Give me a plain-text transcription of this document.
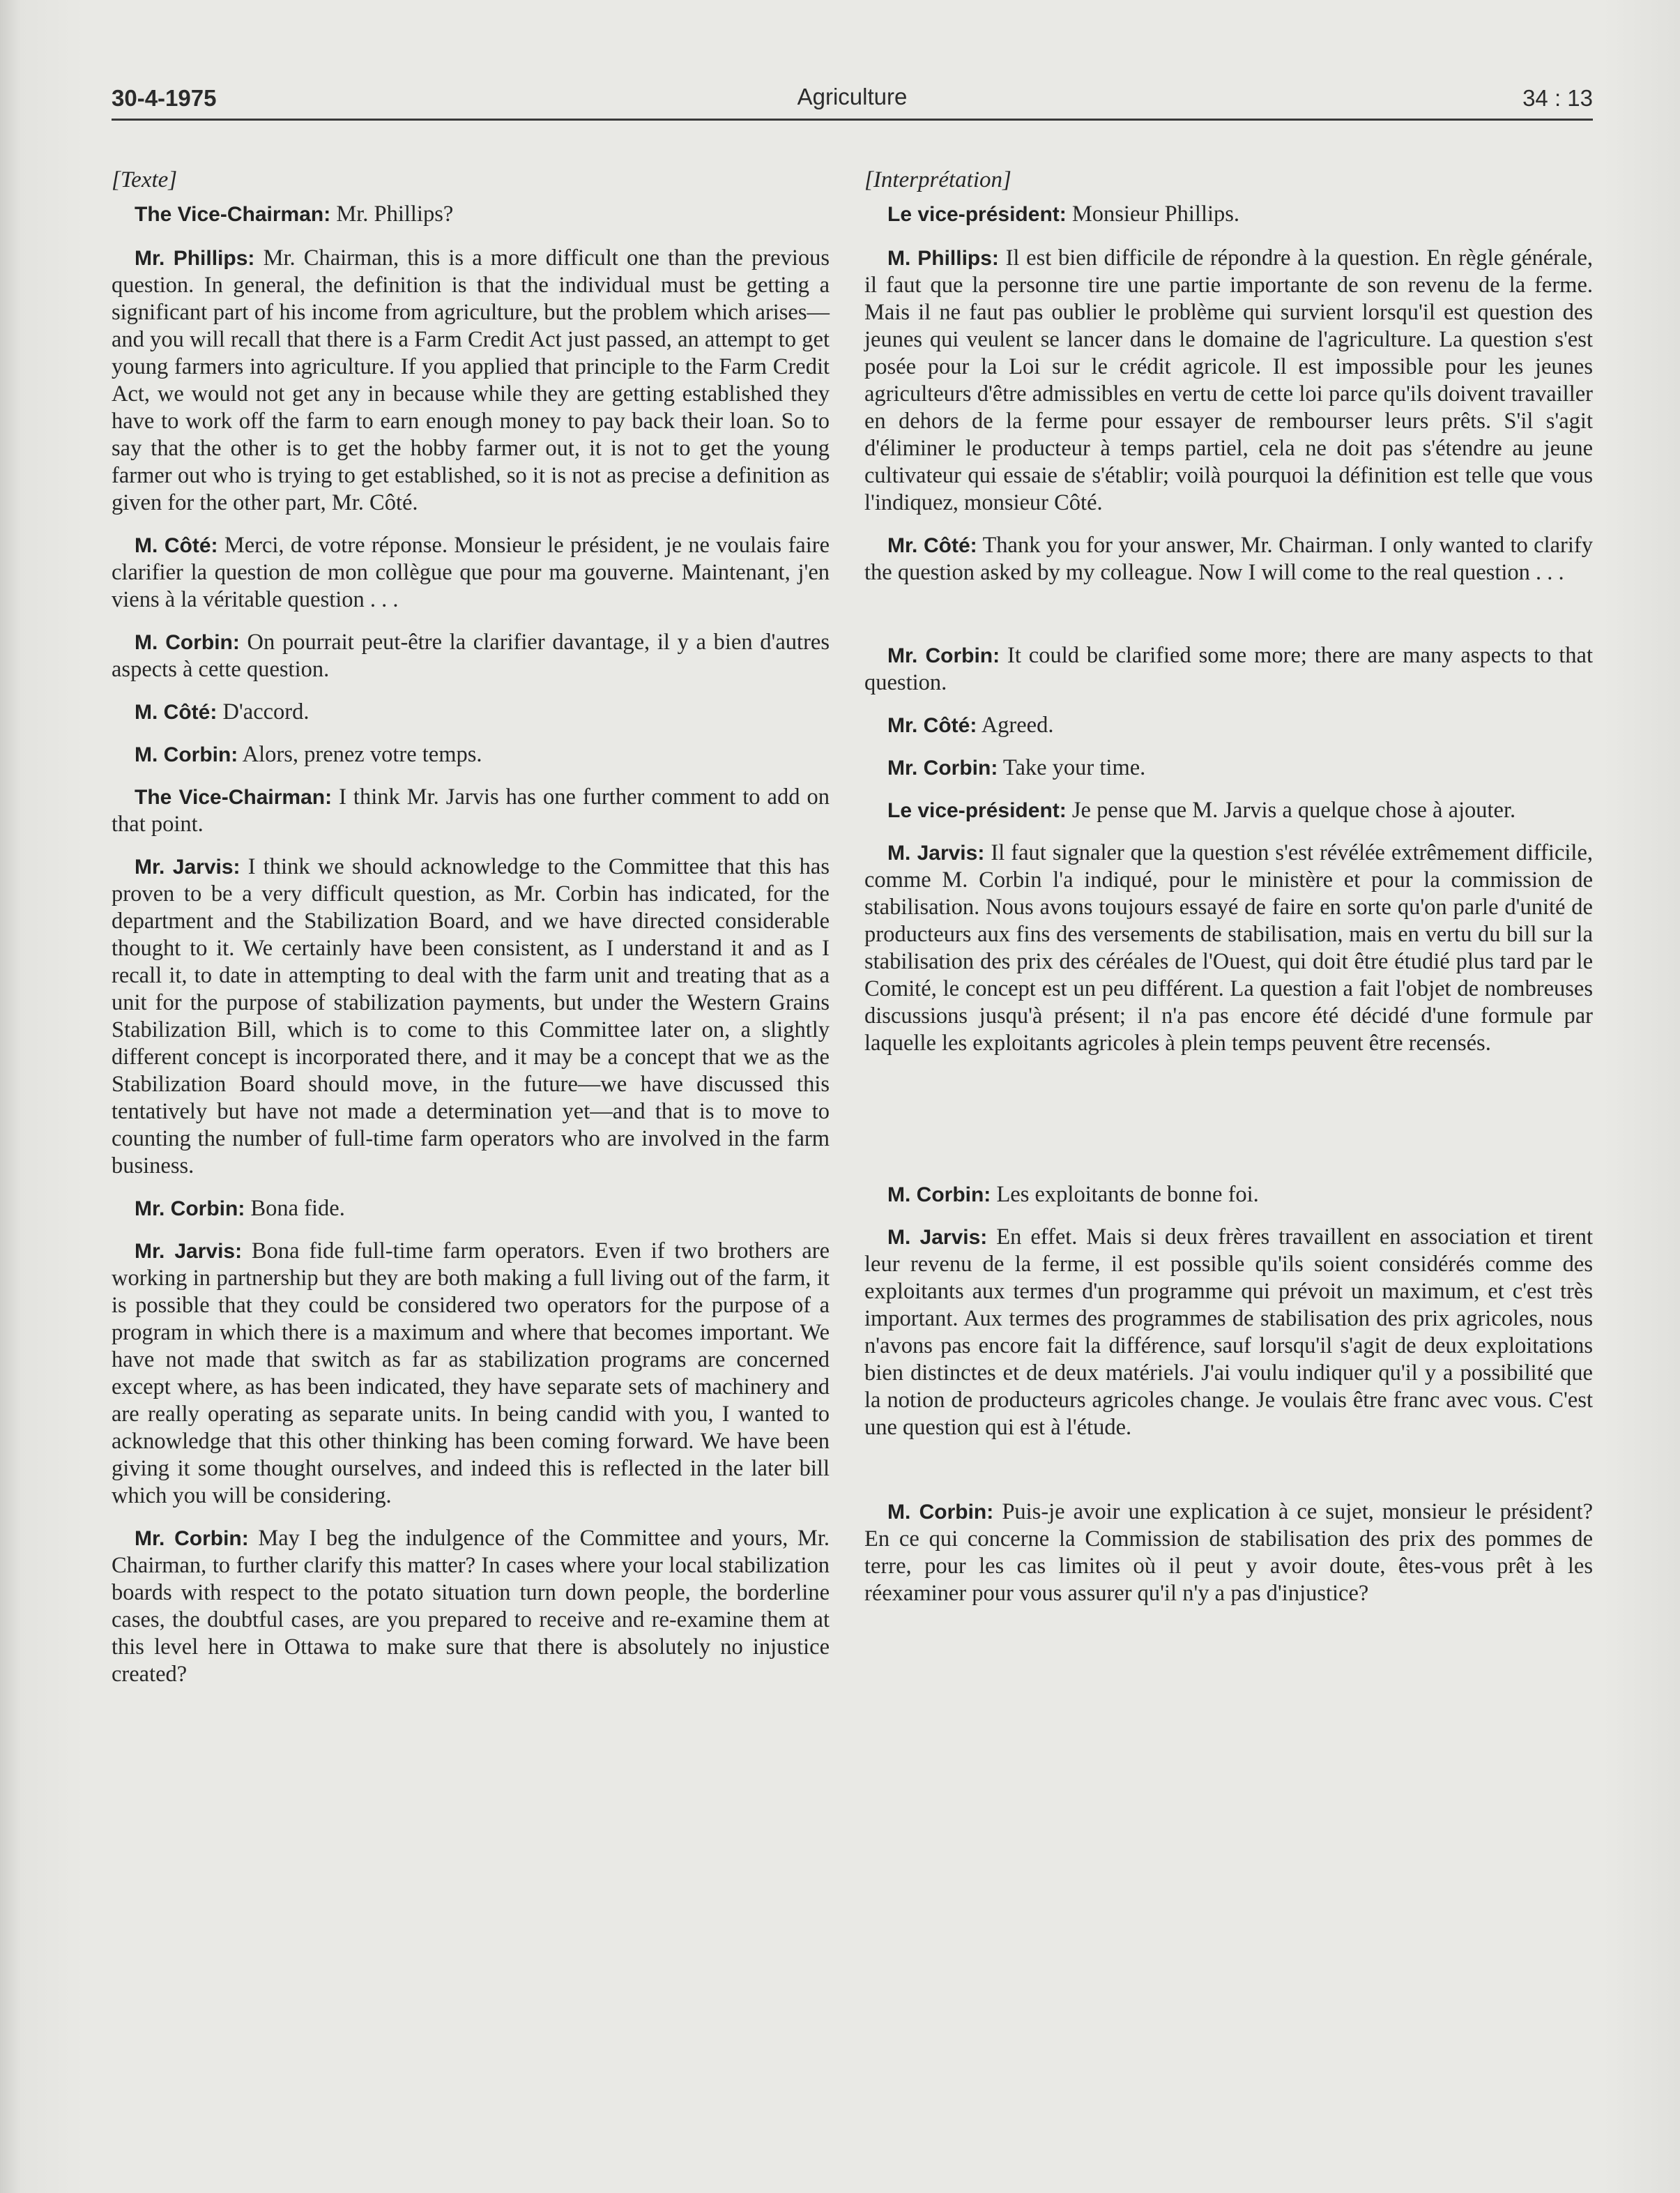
30-4-1975	Agriculture	34 : 13
[Texte]

The Vice-Chairman: Mr. Phillips?

Mr. Phillips: Mr. Chairman, this is a more difficult one than the previous question. In general, the definition is that the individual must be getting a significant part of his income from agriculture, but the problem which arises—and you will recall that there is a Farm Credit Act just passed, an attempt to get young farmers into agriculture. If you applied that principle to the Farm Credit Act, we would not get any in because while they are getting established they have to work off the farm to earn enough money to pay back their loan. So to say that the other is to get the hobby farmer out, it is not to get the young farmer out who is trying to get established, so it is not as precise a definition as given for the other part, Mr. Côté.

M. Côté: Merci, de votre réponse. Monsieur le président, je ne voulais faire clarifier la question de mon collègue que pour ma gouverne. Maintenant, j'en viens à la véritable question . . .

M. Corbin: On pourrait peut-être la clarifier davantage, il y a bien d'autres aspects à cette question.

M. Côté: D'accord.

M. Corbin: Alors, prenez votre temps.

The Vice-Chairman: I think Mr. Jarvis has one further comment to add on that point.

Mr. Jarvis: I think we should acknowledge to the Committee that this has proven to be a very difficult question, as Mr. Corbin has indicated, for the department and the Stabilization Board, and we have directed considerable thought to it. We certainly have been consistent, as I understand it and as I recall it, to date in attempting to deal with the farm unit and treating that as a unit for the purpose of stabilization payments, but under the Western Grains Stabilization Bill, which is to come to this Committee later on, a slightly different concept is incorporated there, and it may be a concept that we as the Stabilization Board should move, in the future—we have discussed this tentatively but have not made a determination yet—and that is to move to counting the number of full-time farm operators who are involved in the farm business.

Mr. Corbin: Bona fide.

Mr. Jarvis: Bona fide full-time farm operators. Even if two brothers are working in partnership but they are both making a full living out of the farm, it is possible that they could be considered two operators for the purpose of a program in which there is a maximum and where that becomes important. We have not made that switch as far as stabilization programs are concerned except where, as has been indicated, they have separate sets of machinery and are really operating as separate units. In being candid with you, I wanted to acknowledge that this other thinking has been coming forward. We have been giving it some thought ourselves, and indeed this is reflected in the later bill which you will be considering.

Mr. Corbin: May I beg the indulgence of the Committee and yours, Mr. Chairman, to further clarify this matter? In cases where your local stabilization boards with respect to the potato situation turn down people, the borderline cases, the doubtful cases, are you prepared to receive and re-examine them at this level here in Ottawa to make sure that there is absolutely no injustice created?

[Interprétation]

Le vice-président: Monsieur Phillips.

M. Phillips: Il est bien difficile de répondre à la question. En règle générale, il faut que la personne tire une partie importante de son revenu de la ferme. Mais il ne faut pas oublier le problème qui survient lorsqu'il est question des jeunes qui veulent se lancer dans le domaine de l'agriculture. La question s'est posée pour la Loi sur le crédit agricole. Il est impossible pour les jeunes agriculteurs d'être admissibles en vertu de cette loi parce qu'ils doivent travailler en dehors de la ferme pour essayer de rembourser leurs prêts. S'il s'agit d'éliminer le producteur à temps partiel, cela ne doit pas s'étendre au jeune cultivateur qui essaie de s'établir; voilà pourquoi la définition est telle que vous l'indiquez, monsieur Côté.

Mr. Côté: Thank you for your answer, Mr. Chairman. I only wanted to clarify the question asked by my colleague. Now I will come to the real question . . .

Mr. Corbin: It could be clarified some more; there are many aspects to that question.

Mr. Côté: Agreed.

Mr. Corbin: Take your time.

Le vice-président: Je pense que M. Jarvis a quelque chose à ajouter.

M. Jarvis: Il faut signaler que la question s'est révélée extrêmement difficile, comme M. Corbin l'a indiqué, pour le ministère et pour la commission de stabilisation. Nous avons toujours essayé de faire en sorte qu'on parle d'unité de producteurs aux fins des versements de stabilisation, mais en vertu du bill sur la stabilisation des prix des céréales de l'Ouest, qui doit être étudié plus tard par le Comité, le concept est un peu différent. La question a fait l'objet de nombreuses discussions jusqu'à présent; il n'a pas encore été décidé d'une formule par laquelle les exploitants agricoles à plein temps peuvent être recensés.

M. Corbin: Les exploitants de bonne foi.

M. Jarvis: En effet. Mais si deux frères travaillent en association et tirent leur revenu de la ferme, il est possible qu'ils soient considérés comme des exploitants aux termes d'un programme qui prévoit un maximum, et c'est très important. Aux termes des programmes de stabilisation des prix agricoles, nous n'avons pas encore fait la différence, sauf lorsqu'il s'agit de deux exploitations bien distinctes et de deux matériels. J'ai voulu indiquer qu'il y a possibilité que la notion de producteurs agricoles change. Je voulais être franc avec vous. C'est une question qui est à l'étude.

M. Corbin: Puis-je avoir une explication à ce sujet, monsieur le président? En ce qui concerne la Commission de stabilisation des prix des pommes de terre, pour les cas limites où il peut y avoir doute, êtes-vous prêt à les réexaminer pour vous assurer qu'il n'y a pas d'injustice?
